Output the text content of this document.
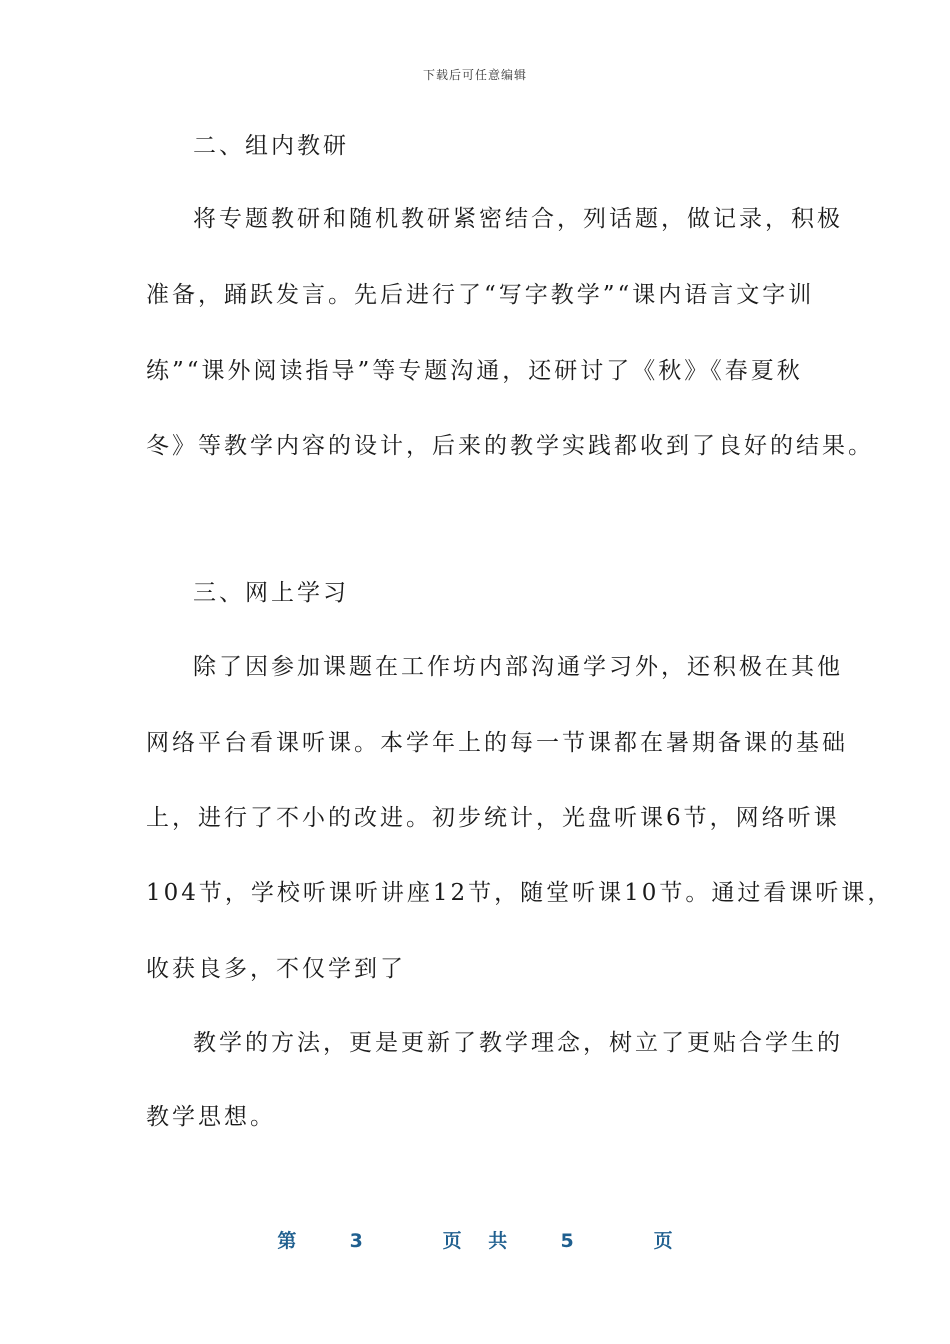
下载后可任意编辑
二、组内教研
将专题教研和随机教研紧密结合，列话题，做记录，积极
准备，踊跃发言。先后进行了“写字教学”“课内语言文字训
练”“课外阅读指导”等专题沟通，还研讨了《秋》《春夏秋
冬》等教学内容的设计，后来的教学实践都收到了良好的结果。
三、网上学习
除了因参加课题在工作坊内部沟通学习外，还积极在其他
网络平台看课听课。本学年上的每一节课都在暑期备课的基础
上，进行了不小的改进。初步统计，光盘听课6节，网络听课
104节，学校听课听讲座12节，随堂听课10节。通过看课听课，
收获良多，不仅学到了
教学的方法，更是更新了教学理念，树立了更贴合学生的
教学思想。
第  3   页 共  5   页
